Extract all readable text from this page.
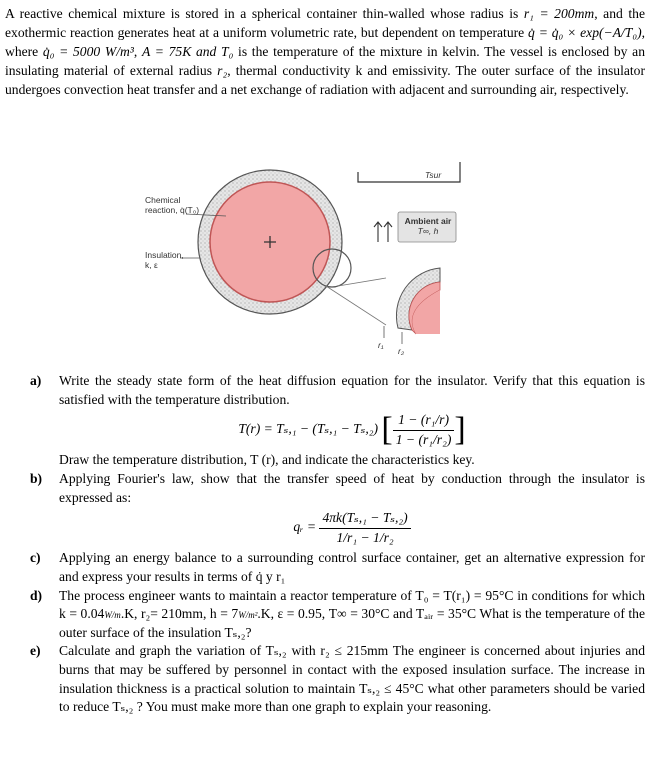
A reactive chemical mixture is stored in a spherical container thin-walled whose radius is r₁ = 200mm, and the exothermic reaction generates heat at a uniform volumetric rate, but dependent on temperature q̇ = q̇₀ × exp(−A/T₀), where q̇₀ = 5000 W/m³, A = 75K and T₀ is the temperature of the mixture in kelvin. The vessel is enclosed by an insulating material of external radius r₂, thermal conductivity k and emissivity. The outer surface of the insulator undergoes convection heat transfer and a net exchange of radiation with adjacent and surrounding air, respectively.

Chemical
reaction, q̇(T₀)
Insulation,
k, ε
Ambient air
T∞, h
Tsur
r₁
r₂
a)	Write the steady state form of the heat diffusion equation for the insulator. Verify that this equation is satisfied with the temperature distribution.
T(r) = Tₛ,₁ − (Tₛ,₁ − Tₛ,₂) [ $\frac{\text{1 − (r₁/r)}}{\text{1 − (r₁/r₂)}}$ ]
Draw the temperature distribution, T (r), and indicate the characteristics key.
b)	Applying Fourier's law, show that the transfer speed of heat by conduction through the insulator is expressed as:
qᵣ = $\frac{\text{4πk(Tₛ,₁ − Tₛ,₂)}}{\text{1/r₁ − 1/r₂}}$
c)	Applying an energy balance to a surrounding control surface container, get an alternative expression for and express your results in terms of q̇ y r₁
d)	The process engineer wants to maintain a reactor temperature of T₀ = T(r₁) = 95°C in conditions for which k = 0.04W/m.K, r₂= 210mm, h = 7W/m².K, ε = 0.95, T∞ = 30°C and Tₐᵢᵣ = 35°C What is the temperature of the outer surface of the insulation Tₛ,₂?
e)	Calculate and graph the variation of Tₛ,₂ with r₂ ≤ 215mm The engineer is concerned about injuries and burns that may be suffered by personnel in contact with the exposed insulation surface. The increase in insulation thickness is a practical solution to maintain Tₛ,₂ ≤ 45°C what other parameters should be varied to reduce Tₛ,₂ ? You must make more than one graph to explain your reasoning.
